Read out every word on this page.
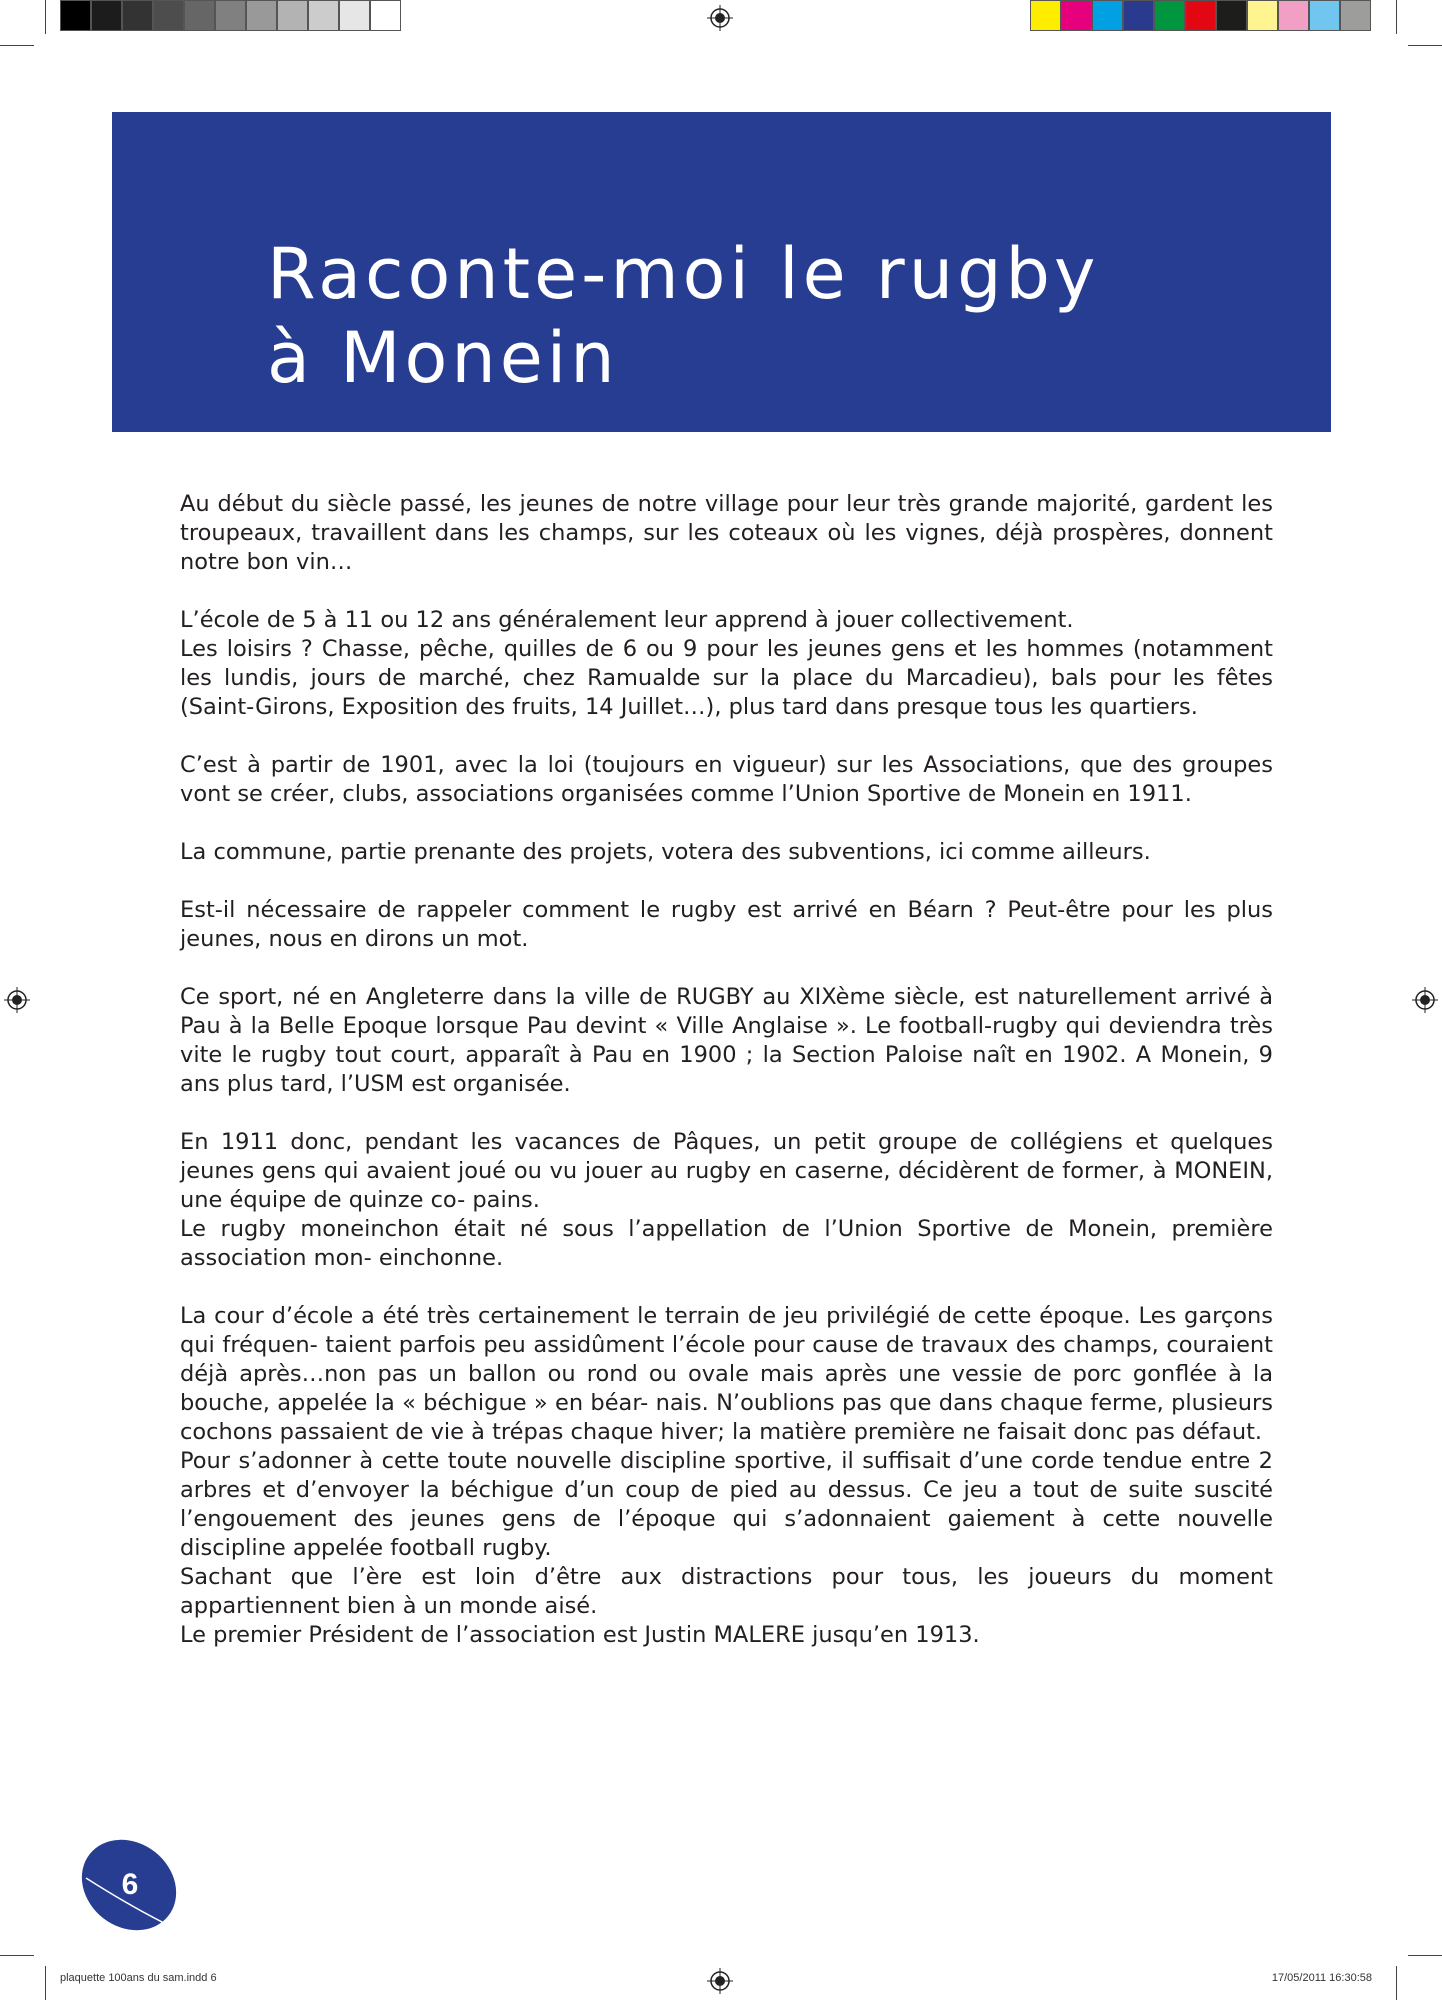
Raconte-moi le rugby
à Monein

Au début du siècle passé, les jeunes de notre village pour leur très grande majorité, gardent les troupeaux, travaillent dans les champs, sur les coteaux où les vignes, déjà prospères, donnent notre bon vin…

L’école de 5 à 11 ou 12 ans généralement leur apprend à jouer collectivement.
Les loisirs ? Chasse, pêche, quilles de 6 ou 9 pour les jeunes gens et les hommes (notamment les lundis, jours de marché, chez Ramualde sur la place du Marcadieu), bals pour les fêtes (Saint-Girons, Exposition des fruits, 14 Juillet…), plus tard dans presque tous les quartiers.

C’est à partir de 1901, avec la loi (toujours en vigueur) sur les Associations, que des groupes vont se créer, clubs, associations organisées comme l’Union Sportive de Monein en 1911.

La commune, partie prenante des projets, votera des subventions, ici comme ailleurs.

Est-il nécessaire de rappeler comment le rugby est arrivé en Béarn ? Peut-être pour les plus jeunes, nous en dirons un mot.

Ce sport, né en Angleterre dans la ville de RUGBY au XIXème siècle, est naturellement arrivé à Pau à la Belle Epoque lorsque Pau devint « Ville Anglaise ». Le football-rugby qui deviendra très vite le rugby tout court, apparaît à Pau en 1900 ; la Section Paloise naît en 1902. A Monein, 9 ans plus tard, l’USM est organisée.

En 1911 donc, pendant les vacances de Pâques, un petit groupe de collégiens et quelques jeunes gens qui avaient joué ou vu jouer au rugby en caserne, décidèrent de former, à MONEIN, une équipe de quinze co- pains.
Le rugby moneinchon était né sous l’appellation de l’Union Sportive de Monein, première association mon- einchonne.

La cour d’école a été très certainement le terrain de jeu privilégié de cette époque. Les garçons qui fréquen- taient parfois peu assidûment l’école pour cause de travaux des champs, couraient déjà après…non pas un ballon ou rond ou ovale mais après une vessie de porc gonflée à la bouche, appelée la « béchigue » en béar- nais. N’oublions pas que dans chaque ferme, plusieurs cochons passaient de vie à trépas chaque hiver; la matière première ne faisait donc pas défaut.
Pour s’adonner à cette toute nouvelle discipline sportive, il suffisait d’une corde tendue entre 2 arbres et d’envoyer la béchigue d’un coup de pied au dessus. Ce jeu a tout de suite suscité l’engouement des jeunes gens de l’époque qui s’adonnaient gaiement à cette nouvelle discipline appelée football rugby.
Sachant que l’ère est loin d’être aux distractions pour tous, les joueurs du moment appartiennent bien à un monde aisé.
Le premier Président de l’association est Justin MALERE jusqu’en 1913.

6
plaquette 100ans du sam.indd 6	17/05/2011 16:30:58
